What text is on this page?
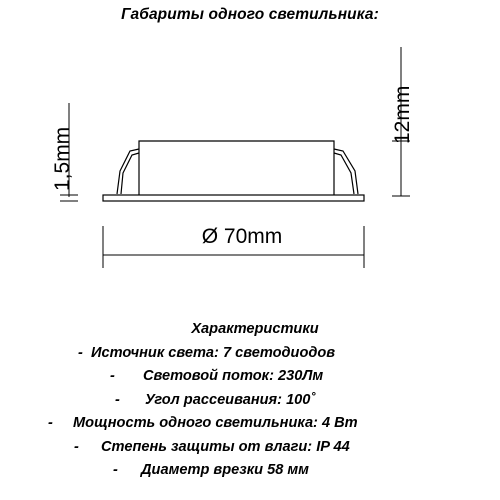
Габариты одного светильника:
1,5mm
12mm
Ø 70mm
Характеристики
- Источник света: 7 светодиодов
- Световой поток: 230Лм
- Угол рассеивания: 100˚
- Мощность одного светильника: 4 Вт
- Степень защиты от влаги: IP 44
- Диаметр врезки 58 мм
